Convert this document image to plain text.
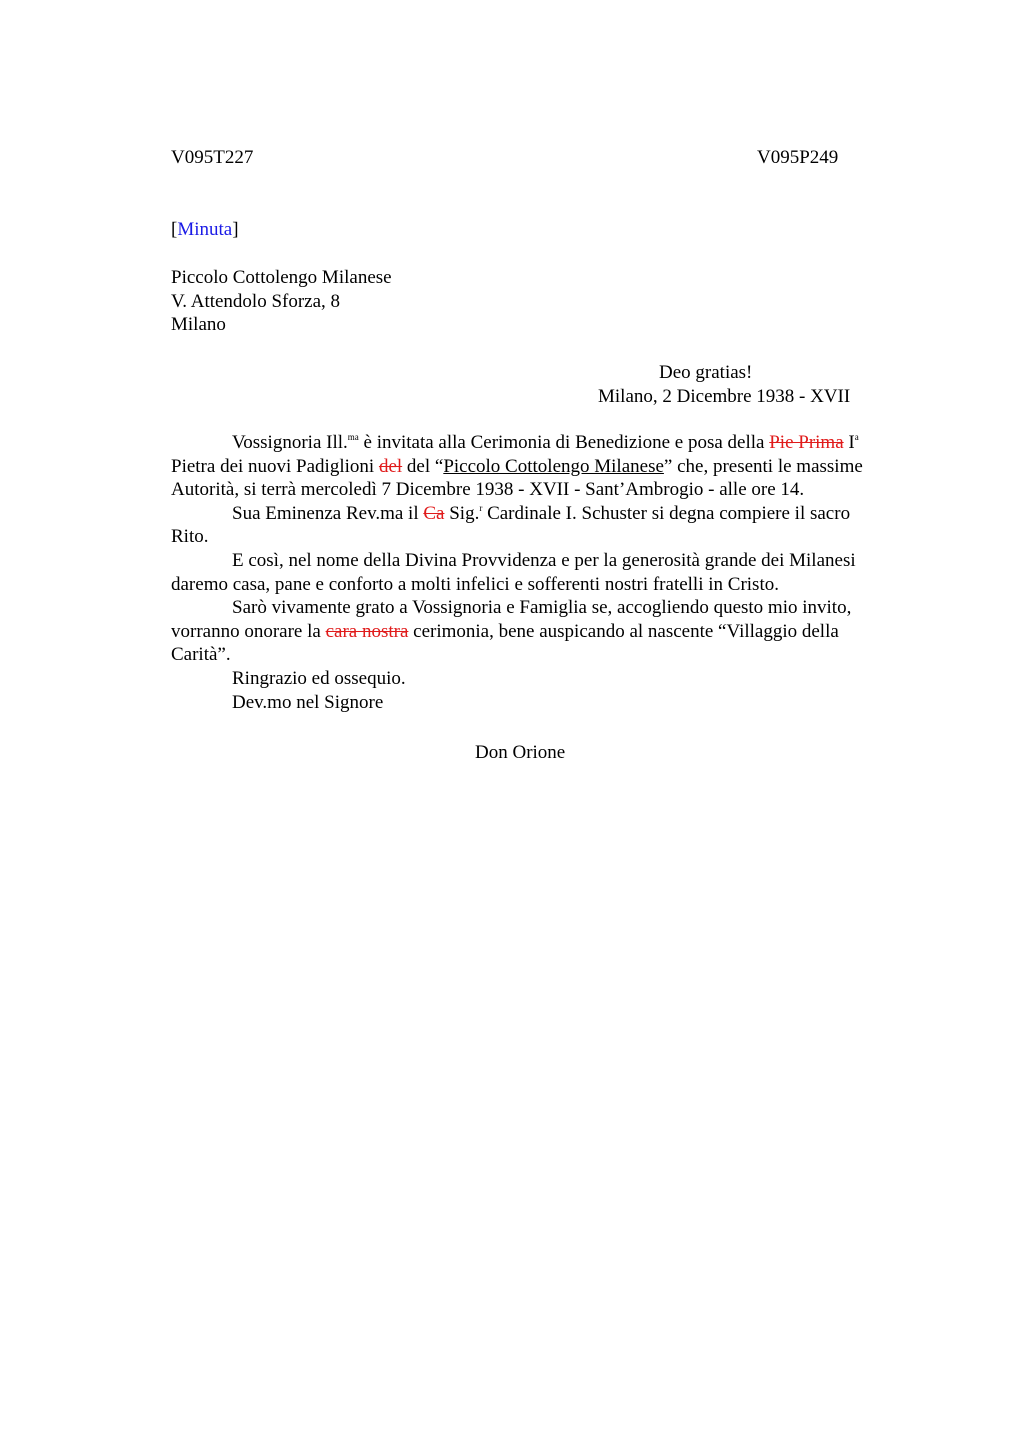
V095T227	V095P249
[Minuta]
Piccolo Cottolengo Milanese
V. Attendolo Sforza, 8
Milano
Deo gratias!
Milano, 2 Dicembre 1938 - XVII
Vossignoria Ill.$^{ma}$ è invitata alla Cerimonia di Benedizione e posa della Pie Prima $I^a$
Pietra dei nuovi Padiglioni del del “Piccolo Cottolengo Milanese” che, presenti le massime
Autorità, si terrà mercoledì 7 Dicembre 1938 - XVII - Sant’Ambrogio - alle ore 14.
Sua Eminenza Rev.ma il Ca Sig.$^r$ Cardinale I. Schuster si degna compiere il sacro
Rito.
E così, nel nome della Divina Provvidenza e per la generosità grande dei Milanesi
daremo casa, pane e conforto a molti infelici e sofferenti nostri fratelli in Cristo.
Sarò vivamente grato a Vossignoria e Famiglia se, accogliendo questo mio invito,
vorranno onorare la cara nostra cerimonia, bene auspicando al nascente “Villaggio della
Carità”.
Ringrazio ed ossequio.
Dev.mo nel Signore
Don Orione
